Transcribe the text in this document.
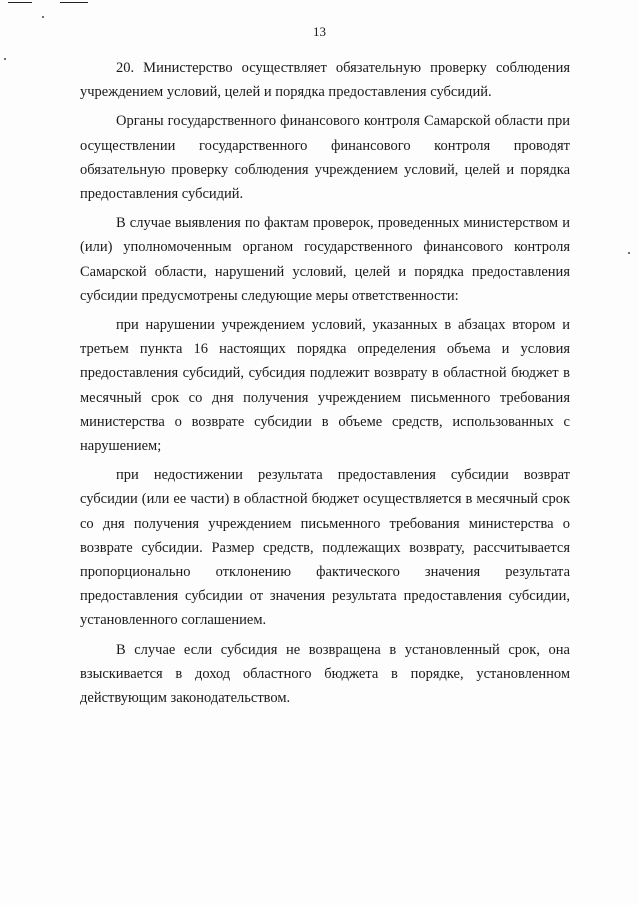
13

20. Министерство осуществляет обязательную проверку соблюдения учреждением условий, целей и порядка предоставления субсидий.

Органы государственного финансового контроля Самарской области при осуществлении государственного финансового контроля проводят обязательную проверку соблюдения учреждением условий, целей и порядка предоставления субсидий.

В случае выявления по фактам проверок, проведенных министерством и (или) уполномоченным органом государственного финансового контроля Самарской области, нарушений условий, целей и порядка предоставления субсидии предусмотрены следующие меры ответственности:

при нарушении учреждением условий, указанных в абзацах втором и третьем пункта 16 настоящих порядка определения объема и условия предоставления субсидий, субсидия подлежит возврату в областной бюджет в месячный срок со дня получения учреждением письменного требования министерства о возврате субсидии в объеме средств, использованных с нарушением;

при недостижении результата предоставления субсидии возврат субсидии (или ее части) в областной бюджет осуществляется в месячный срок со дня получения учреждением письменного требования министерства о возврате субсидии. Размер средств, подлежащих возврату, рассчитывается пропорционально отклонению фактического значения результата предоставления субсидии от значения результата предоставления субсидии, установленного соглашением.

В случае если субсидия не возвращена в установленный срок, она взыскивается в доход областного бюджета в порядке, установленном действующим законодательством.
